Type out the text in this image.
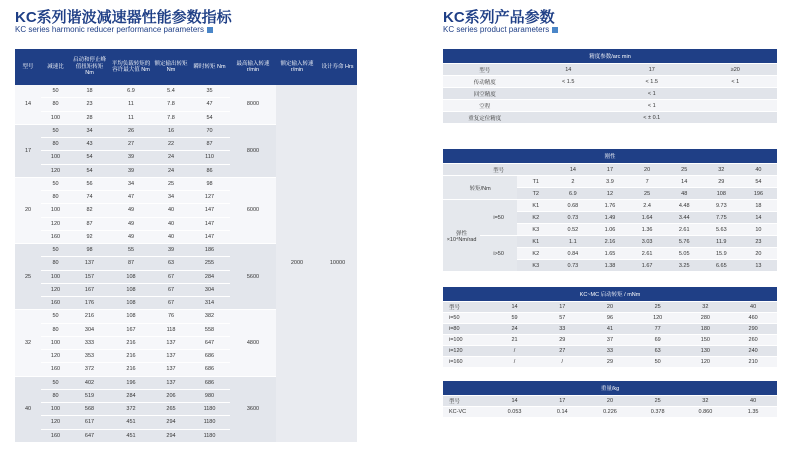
KC系列谐波减速器性能参数指标
KC series harmonic reducer performance parameters
型号	减速比	启动和停止峰值扭矩转矩 Nm	平均负载转矩的容许最大值 Nm	额定输出转矩 Nm	瞬时转矩 Nm	最高输入转速 r/min	额定输入转速 r/min	设计寿命 Hrs
14	50	18	6.9	5.4	35	8000	2000	10000
	80	23	11	7.8	47			
	100	28	11	7.8	54			
17	50	34	26	16	70	8000		
	80	43	27	22	87			
	100	54	39	24	110			
	120	54	39	24	86			
20	50	56	34	25	98	6000		
	80	74	47	34	127			
	100	82	49	40	147			
	120	87	49	40	147			
	160	92	49	40	147			
25	50	98	55	39	186	5600		
	80	137	87	63	255			
	100	157	108	67	284			
	120	167	108	67	304			
	160	176	108	67	314			
32	50	216	108	76	382	4800		
	80	304	167	118	558			
	100	333	216	137	647			
	120	353	216	137	686			
	160	372	216	137	686			
40	50	402	196	137	686	3600		
	80	519	284	206	980			
	100	568	372	265	1180			
	120	617	451	294	1180			
	160	647	451	294	1180			
KC系列产品参数
KC series product parameters
精度参数/arc min			
型号	14	17	≥20
传动精度	< 1.5	< 1.5	< 1
回空精度	< 1		
空程	< 1		
重复定位精度	< ± 0.1		
刚性								
型号			14	17	20	25	32	40
转矩/Nm		T1	2	3.9	7	14	29	54
		T2	6.9	12	25	48	108	196
弹性 ×10⁴Nm/rad	i=50	K1	0.68	1.76	2.4	4.48	9.73	18
		K2	0.73	1.49	1.64	3.44	7.75	14
		K3	0.52	1.06	1.36	2.61	5.63	10
	i>50	K1	1.1	2.16	3.03	5.76	11.9	23
		K2	0.84	1.65	2.61	5.05	15.9	20
		K3	0.73	1.38	1.67	3.25	6.65	13
KC~MC 启动转矩 / mNm						
型号	14	17	20	25	32	40
i=50	59	57	96	120	280	460
i=80	24	33	41	77	180	290
i=100	21	29	37	69	150	260
i=120	/	27	33	63	130	240
i=160	/	/	29	50	120	210
重量/kg						
型号	14	17	20	25	32	40
KC-VC	0.053	0.14	0.226	0.378	0.860	1.35
